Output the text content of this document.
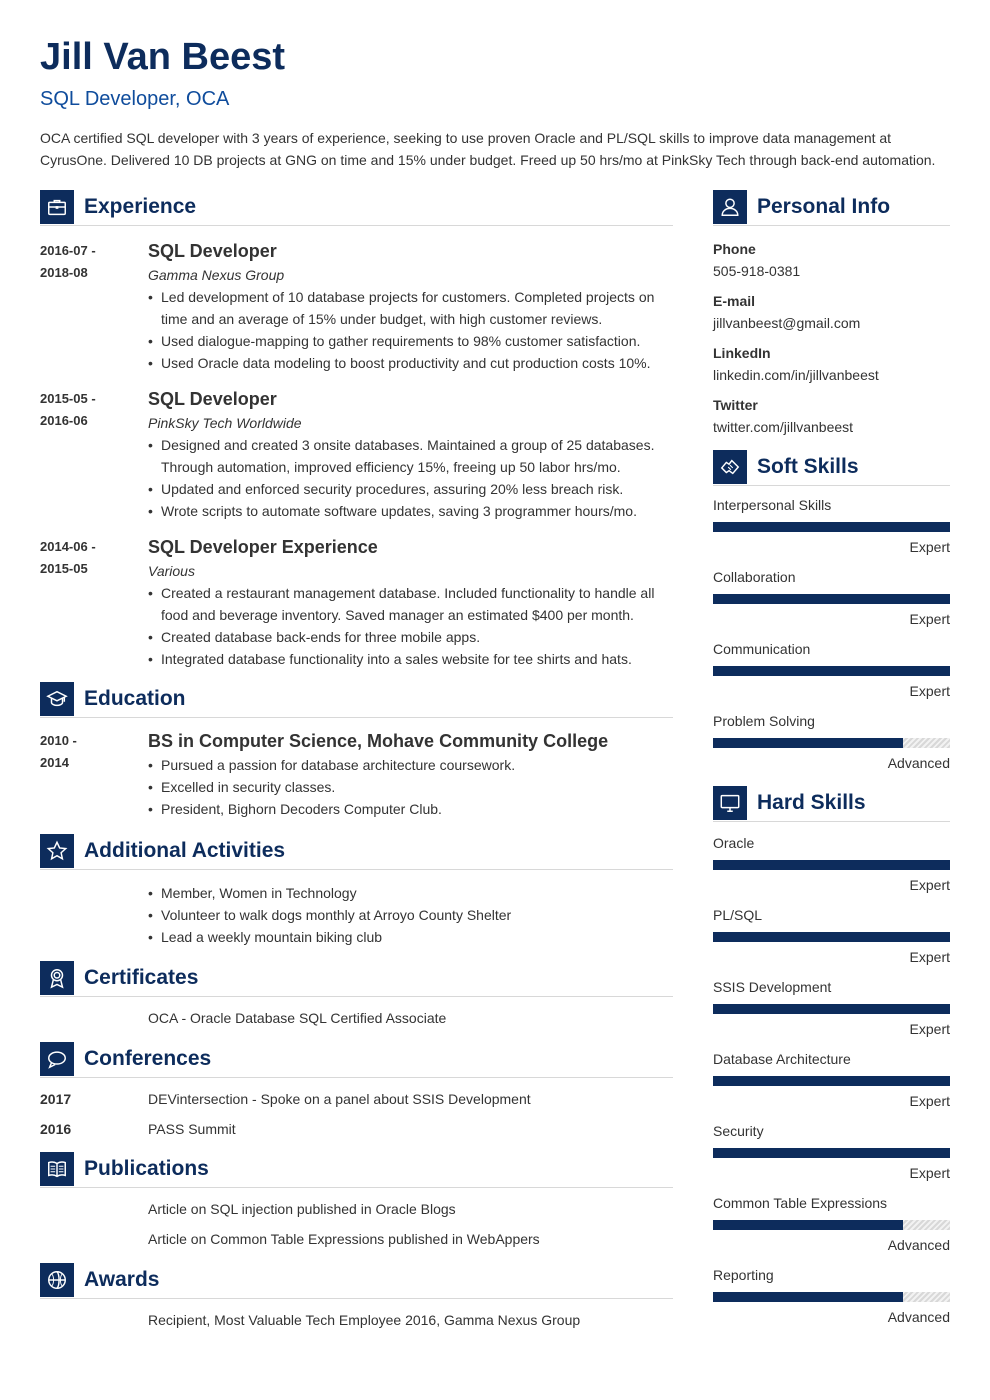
Jill Van Beest
SQL Developer, OCA
OCA certified SQL developer with 3 years of experience, seeking to use proven Oracle and PL/SQL skills to improve data management at CyrusOne. Delivered 10 DB projects at GNG on time and 15% under budget. Freed up 50 hrs/mo at PinkSky Tech through back-end automation.
Experience
2016-07 -
2018-08
SQL Developer
Gamma Nexus Group
• Led development of 10 database projects for customers. Completed projects on time and an average of 15% under budget, with high customer reviews.
• Used dialogue-mapping to gather requirements to 98% customer satisfaction.
• Used Oracle data modeling to boost productivity and cut production costs 10%.
2015-05 -
2016-06
SQL Developer
PinkSky Tech Worldwide
• Designed and created 3 onsite databases. Maintained a group of 25 databases. Through automation, improved efficiency 15%, freeing up 50 labor hrs/mo.
• Updated and enforced security procedures, assuring 20% less breach risk.
• Wrote scripts to automate software updates, saving 3 programmer hours/mo.
2014-06 -
2015-05
SQL Developer Experience
Various
• Created a restaurant management database. Included functionality to handle all food and beverage inventory. Saved manager an estimated $400 per month.
• Created database back-ends for three mobile apps.
• Integrated database functionality into a sales website for tee shirts and hats.
Education
2010 -
2014
BS in Computer Science, Mohave Community College
• Pursued a passion for database architecture coursework.
• Excelled in security classes.
• President, Bighorn Decoders Computer Club.
Additional Activities
• Member, Women in Technology
• Volunteer to walk dogs monthly at Arroyo County Shelter
• Lead a weekly mountain biking club
Certificates
OCA - Oracle Database SQL Certified Associate
Conferences
2017	DEVintersection - Spoke on a panel about SSIS Development
2016	PASS Summit
Publications
Article on SQL injection published in Oracle Blogs
Article on Common Table Expressions published in WebAppers
Awards
Recipient, Most Valuable Tech Employee 2016, Gamma Nexus Group
Personal Info
Phone
505-918-0381
E-mail
jillvanbeest@gmail.com
LinkedIn
linkedin.com/in/jillvanbeest
Twitter
twitter.com/jillvanbeest
Soft Skills
Interpersonal Skills
Expert
Collaboration
Expert
Communication
Expert
Problem Solving
Advanced
Hard Skills
Oracle
Expert
PL/SQL
Expert
SSIS Development
Expert
Database Architecture
Expert
Security
Expert
Common Table Expressions
Advanced
Reporting
Advanced
